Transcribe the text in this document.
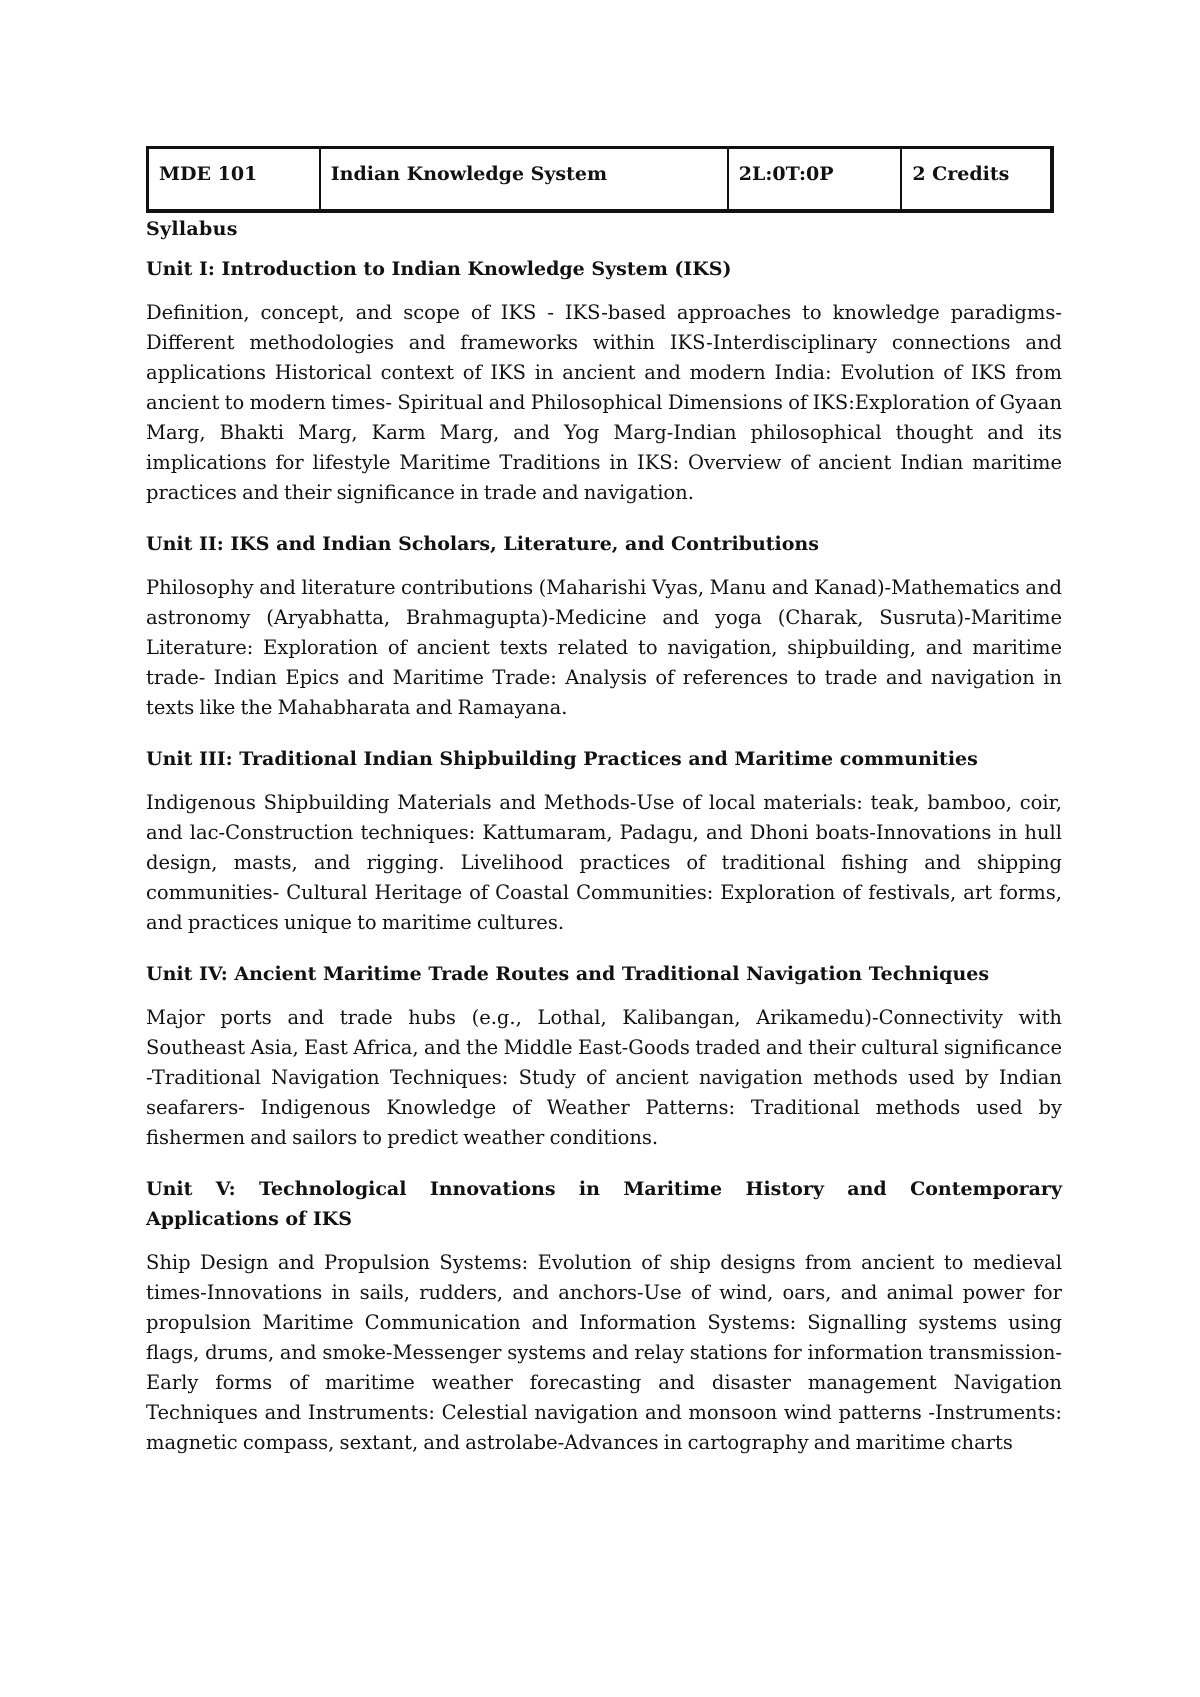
MDE 101	Indian Knowledge System	2L:0T:0P	2 Credits
Syllabus
Unit I: Introduction to Indian Knowledge System (IKS)
Definition, concept, and scope of IKS - IKS-based approaches to knowledge paradigms-Different methodologies and frameworks within IKS-Interdisciplinary connections and applications Historical context of IKS in ancient and modern India: Evolution of IKS from ancient to modern times- Spiritual and Philosophical Dimensions of IKS:Exploration of Gyaan Marg, Bhakti Marg, Karm Marg, and Yog Marg-Indian philosophical thought and its implications for lifestyle Maritime Traditions in IKS: Overview of ancient Indian maritime practices and their significance in trade and navigation.
Unit II: IKS and Indian Scholars, Literature, and Contributions
Philosophy and literature contributions (Maharishi Vyas, Manu and Kanad)-Mathematics and astronomy (Aryabhatta, Brahmagupta)-Medicine and yoga (Charak, Susruta)-Maritime Literature: Exploration of ancient texts related to navigation, shipbuilding, and maritime trade- Indian Epics and Maritime Trade: Analysis of references to trade and navigation in texts like the Mahabharata and Ramayana.
Unit III: Traditional Indian Shipbuilding Practices and Maritime communities
Indigenous Shipbuilding Materials and Methods-Use of local materials: teak, bamboo, coir, and lac-Construction techniques: Kattumaram, Padagu, and Dhoni boats-Innovations in hull design, masts, and rigging. Livelihood practices of traditional fishing and shipping communities- Cultural Heritage of Coastal Communities: Exploration of festivals, art forms, and practices unique to maritime cultures.
Unit IV: Ancient Maritime Trade Routes and Traditional Navigation Techniques
Major ports and trade hubs (e.g., Lothal, Kalibangan, Arikamedu)-Connectivity with Southeast Asia, East Africa, and the Middle East-Goods traded and their cultural significance -Traditional Navigation Techniques: Study of ancient navigation methods used by Indian seafarers- Indigenous Knowledge of Weather Patterns: Traditional methods used by fishermen and sailors to predict weather conditions.
Unit V: Technological Innovations in Maritime History and Contemporary Applications of IKS
Ship Design and Propulsion Systems: Evolution of ship designs from ancient to medieval times-Innovations in sails, rudders, and anchors-Use of wind, oars, and animal power for propulsion Maritime Communication and Information Systems: Signalling systems using flags, drums, and smoke-Messenger systems and relay stations for information transmission-Early forms of maritime weather forecasting and disaster management Navigation Techniques and Instruments: Celestial navigation and monsoon wind patterns -Instruments: magnetic compass, sextant, and astrolabe-Advances in cartography and maritime charts
